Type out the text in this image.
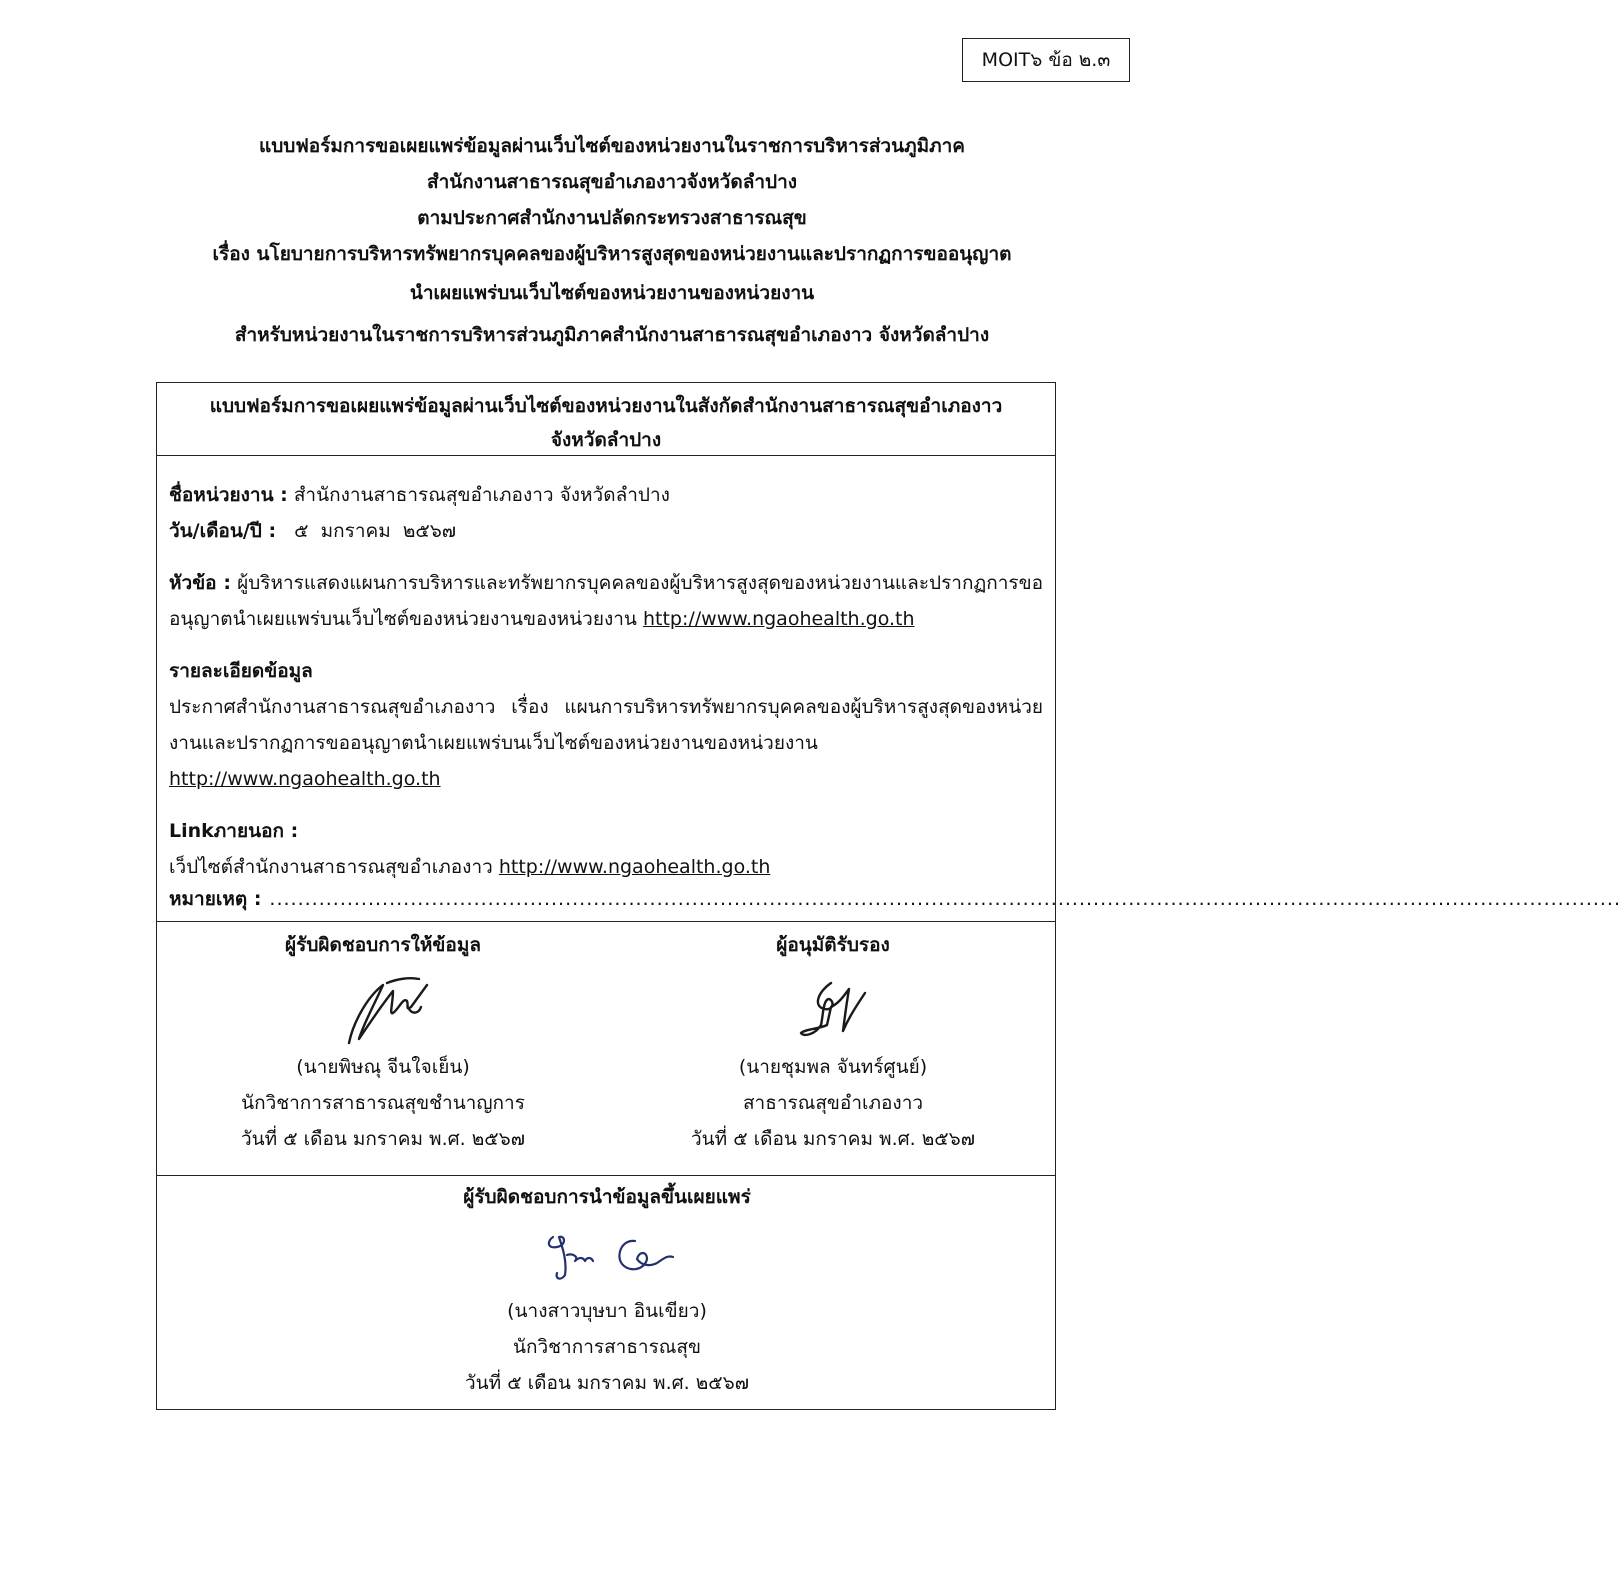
MOIT๖ ข้อ ๒.๓
แบบฟอร์มการขอเผยแพร่ข้อมูลผ่านเว็บไซต์ของหน่วยงานในราชการบริหารส่วนภูมิภาค
สำนักงานสาธารณสุขอำเภองาวจังหวัดลำปาง
ตามประกาศสำนักงานปลัดกระทรวงสาธารณสุข
เรื่อง นโยบายการบริหารทรัพยากรบุคคลของผู้บริหารสูงสุดของหน่วยงานและปรากฏการขออนุญาต
นำเผยแพร่บนเว็บไซต์ของหน่วยงานของหน่วยงาน
สำหรับหน่วยงานในราชการบริหารส่วนภูมิภาคสำนักงานสาธารณสุขอำเภองาว จังหวัดลำปาง
แบบฟอร์มการขอเผยแพร่ข้อมูลผ่านเว็บไซต์ของหน่วยงานในสังกัดสำนักงานสาธารณสุขอำเภองาว
จังหวัดลำปาง
ชื่อหน่วยงาน : สำนักงานสาธารณสุขอำเภองาว จังหวัดลำปาง
วัน/เดือน/ปี :   ๕  มกราคม  ๒๕๖๗
หัวข้อ : ผู้บริหารแสดงแผนการบริหารและทรัพยากรบุคคลของผู้บริหารสูงสุดของหน่วยงานและปรากฏการขออนุญาตนำเผยแพร่บนเว็บไซต์ของหน่วยงานของหน่วยงาน http://www.ngaohealth.go.th
รายละเอียดข้อมูล
ประกาศสำนักงานสาธารณสุขอำเภองาว เรื่อง แผนการบริหารทรัพยากรบุคคลของผู้บริหารสูงสุดของหน่วยงานและปรากฏการขออนุญาตนำเผยแพร่บนเว็บไซต์ของหน่วยงานของหน่วยงาน
http://www.ngaohealth.go.th
Linkภายนอก :
เว็ปไซต์สำนักงานสาธารณสุขอำเภองาว http://www.ngaohealth.go.th
หมายเหตุ : ................................................................................................................................................................................................
ผู้รับผิดชอบการให้ข้อมูล
(นายพิษณุ จีนใจเย็น)
นักวิชาการสาธารณสุขชำนาญการ
วันที่ ๕ เดือน มกราคม พ.ศ. ๒๕๖๗
ผู้อนุมัติรับรอง
(นายชุมพล จันทร์ศูนย์)
สาธารณสุขอำเภองาว
วันที่ ๕ เดือน มกราคม พ.ศ. ๒๕๖๗
ผู้รับผิดชอบการนำข้อมูลขึ้นเผยแพร่
(นางสาวบุษบา อินเขียว)
นักวิชาการสาธารณสุข
วันที่ ๕ เดือน มกราคม พ.ศ. ๒๕๖๗
